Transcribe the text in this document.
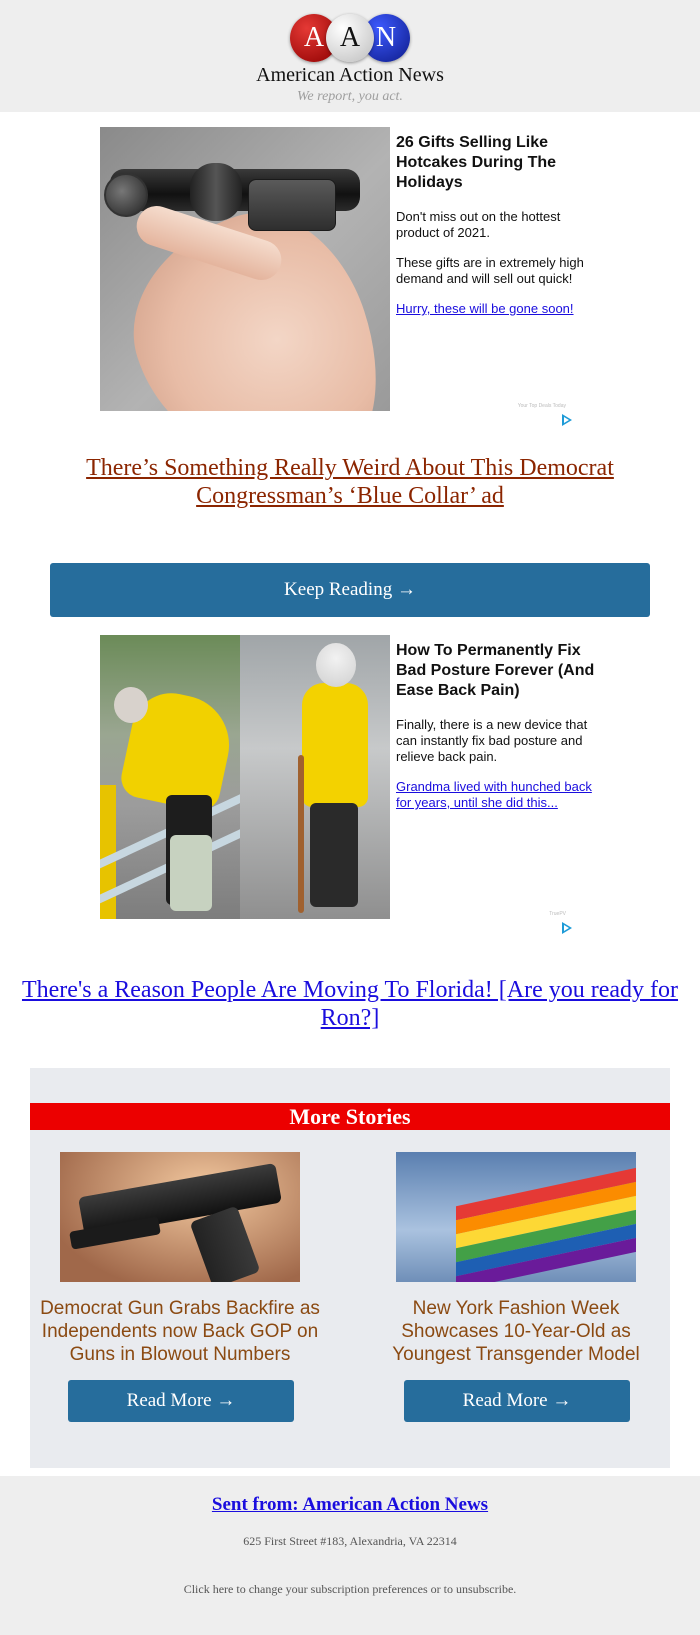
A A N
American Action News
We report, you act.
26 Gifts Selling Like Hotcakes During The Holidays
Don't miss out on the hottest product of 2021.
These gifts are in extremely high demand and will sell out quick!
Hurry, these will be gone soon!
Your Top Deals Today
There’s Something Really Weird About This Democrat Congressman’s ‘Blue Collar’ ad
Keep Reading →
How To Permanently Fix Bad Posture Forever (And Ease Back Pain)
Finally, there is a new device that can instantly fix bad posture and relieve back pain.
Grandma lived with hunched back for years, until she did this...
TruePV
There's a Reason People Are Moving To Florida! [Are you ready for Ron?]
More Stories
Democrat Gun Grabs Backfire as Independents now Back GOP on Guns in Blowout Numbers
Read More →
New York Fashion Week Showcases 10-Year-Old as Youngest Transgender Model
Read More →
Sent from: American Action News
625 First Street #183, Alexandria, VA 22314
Click here to change your subscription preferences or to unsubscribe.
